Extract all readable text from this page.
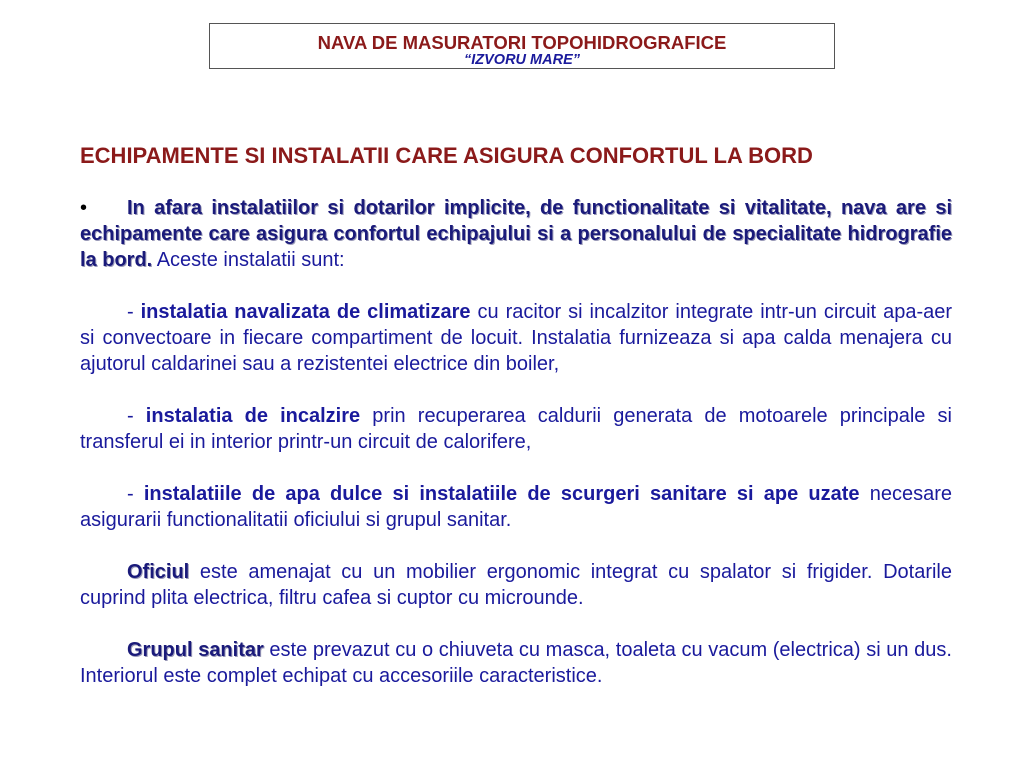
NAVA DE MASURATORI TOPOHIDROGRAFICE
“IZVORU MARE”
ECHIPAMENTE SI INSTALATII CARE ASIGURA CONFORTUL LA BORD

• In afara instalatiilor si dotarilor implicite, de functionalitate si vitalitate, nava are si echipamente care asigura confortul echipajului si a personalului de specialitate hidrografie la bord. Aceste instalatii sunt:

- instalatia navalizata de climatizare cu racitor si incalzitor integrate intr-un circuit apa-aer si convectoare in fiecare compartiment de locuit. Instalatia furnizeaza si apa calda menajera cu ajutorul caldarinei sau a rezistentei electrice din boiler,

- instalatia de incalzire prin recuperarea caldurii generata de motoarele principale si transferul ei in interior printr-un circuit de calorifere,

- instalatiile de apa dulce si instalatiile de scurgeri sanitare si ape uzate necesare asigurarii functionalitatii oficiului si grupul sanitar.

Oficiul este amenajat cu un mobilier ergonomic integrat cu spalator si frigider. Dotarile cuprind plita electrica, filtru cafea si cuptor cu microunde.

Grupul sanitar este prevazut cu o chiuveta cu masca, toaleta cu vacum (electrica) si un dus. Interiorul este complet echipat cu accesoriile caracteristice.
